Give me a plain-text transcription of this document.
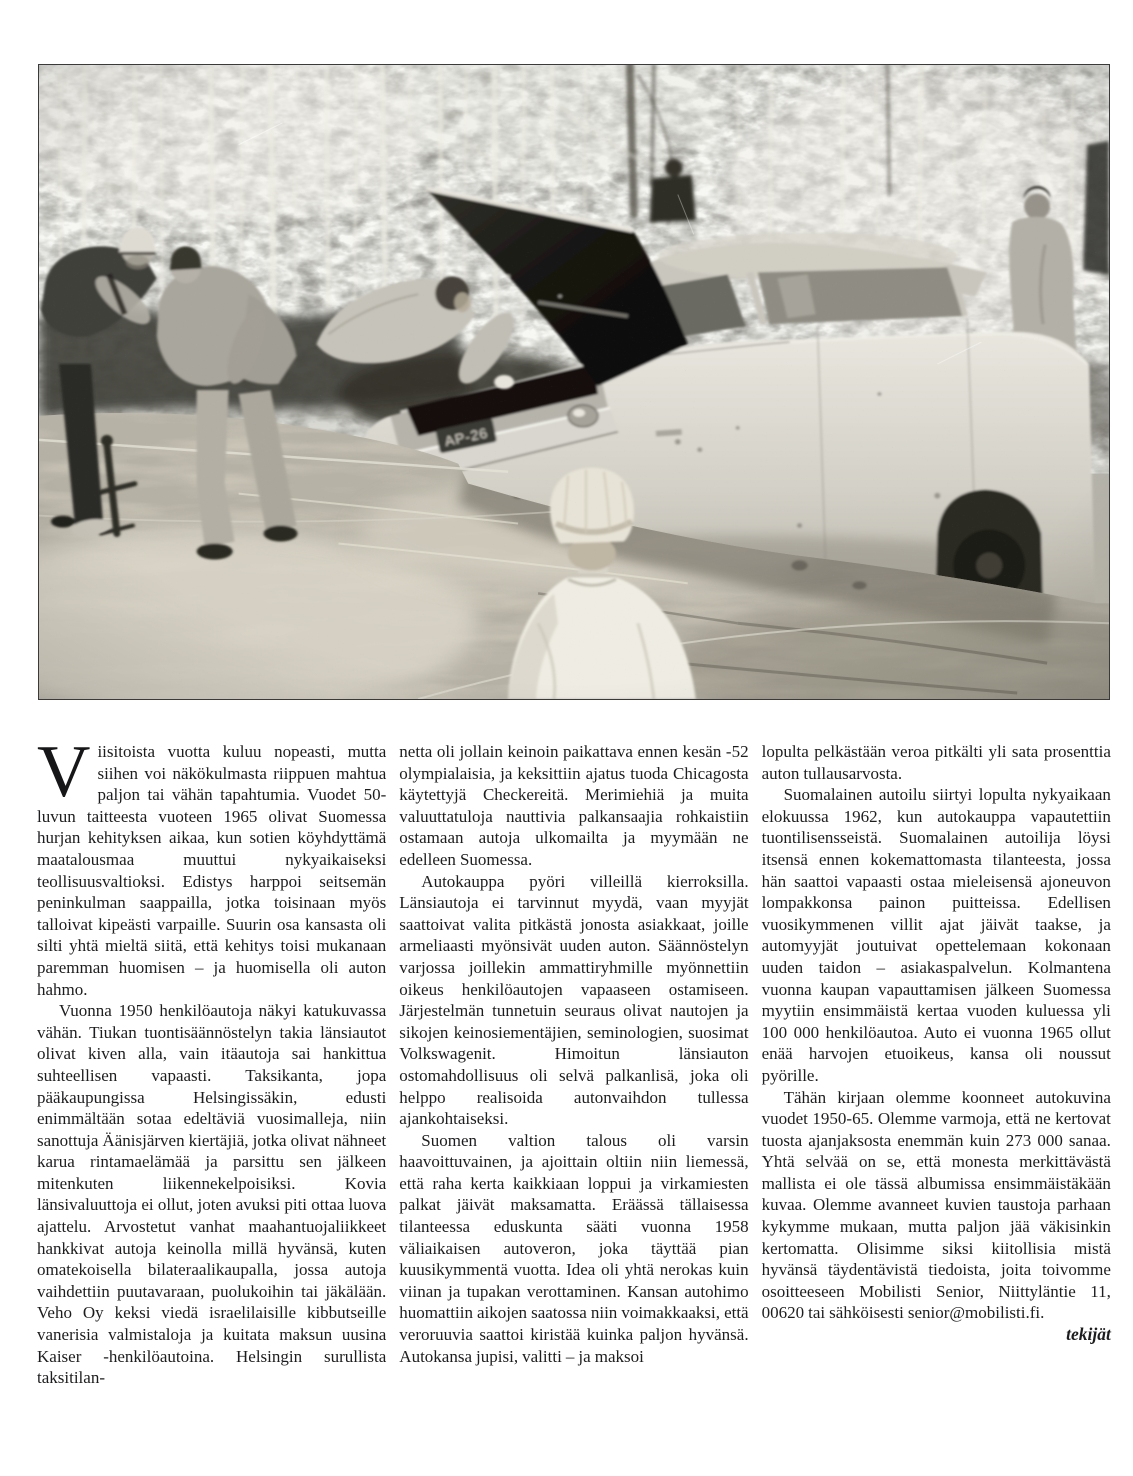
Viisitoista vuotta kuluu nopeasti, mutta siihen voi näkökulmasta riippuen mahtua paljon tai vähän tapahtumia. Vuodet 50-luvun taitteesta vuoteen 1965 olivat Suomessa hurjan kehityksen aikaa, kun sotien köyhdyttämä maatalousmaa muuttui nykyaikaiseksi teollisuusvaltioksi. Edistys harppoi seitsemän peninkulman saappailla, jotka toisinaan myös talloivat kipeästi varpaille. Suurin osa kansasta oli silti yhtä mieltä siitä, että kehitys toisi mukanaan paremman huomisen – ja huomisella oli auton hahmo.

Vuonna 1950 henkilöautoja näkyi katukuvassa vähän. Tiukan tuontisäännöstelyn takia länsiautot olivat kiven alla, vain itäautoja sai hankittua suhteellisen vapaasti. Taksikanta, jopa pääkaupungissa Helsingissäkin, edusti enimmältään sotaa edeltäviä vuosimalleja, niin sanottuja Äänisjärven kiertäjiä, jotka olivat nähneet karua rintamaelämää ja parsittu sen jälkeen mitenkuten liikennekelpoisiksi. Kovia länsivaluuttoja ei ollut, joten avuksi piti ottaa luova ajattelu. Arvostetut vanhat maahantuojaliikkeet hankkivat autoja keinolla millä hyvänsä, kuten omatekoisella bilateraalikaupalla, jossa autoja vaihdettiin puutavaraan, puolukoihin tai jäkälään. Veho Oy keksi viedä israelilaisille kibbutseille vanerisia valmistaloja ja kuitata maksun uusina Kaiser -henkilöautoina. Helsingin surullista taksitilan-

netta oli jollain keinoin paikattava ennen kesän -52 olympialaisia, ja keksittiin ajatus tuoda Chicagosta käytettyjä Checkereitä. Merimiehiä ja muita valuuttatuloja nauttivia palkansaajia rohkaistiin ostamaan autoja ulkomailta ja myymään ne edelleen Suomessa.

Autokauppa pyöri villeillä kierroksilla. Länsiautoja ei tarvinnut myydä, vaan myyjät saattoivat valita pitkästä jonosta asiakkaat, joille armeliaasti myönsivät uuden auton. Säännöstelyn varjossa joillekin ammattiryhmille myönnettiin oikeus henkilöautojen vapaaseen ostamiseen. Järjestelmän tunnetuin seuraus olivat nautojen ja sikojen keinosiementäjien, seminologien, suosimat Volkswagenit. Himoitun länsiauton ostomahdollisuus oli selvä palkanlisä, joka oli helppo realisoida autonvaihdon tullessa ajankohtaiseksi.

Suomen valtion talous oli varsin haavoittuvainen, ja ajoittain oltiin niin liemessä, että raha kerta kaikkiaan loppui ja virkamiesten palkat jäivät maksamatta. Eräässä tällaisessa tilanteessa eduskunta sääti vuonna 1958 väliaikaisen autoveron, joka täyttää pian kuusikymmentä vuotta. Idea oli yhtä nerokas kuin viinan ja tupakan verottaminen. Kansan autohimo huomattiin aikojen saatossa niin voimakkaaksi, että veroruuvia saattoi kiristää kuinka paljon hyvänsä. Autokansa jupisi, valitti – ja maksoi

lopulta pelkästään veroa pitkälti yli sata prosenttia auton tullausarvosta.

Suomalainen autoilu siirtyi lopulta nykyaikaan elokuussa 1962, kun autokauppa vapautettiin tuontilisensseistä. Suomalainen autoilija löysi itsensä ennen kokemattomasta tilanteesta, jossa hän saattoi vapaasti ostaa mieleisensä ajoneuvon lompakkonsa painon puitteissa. Edellisen vuosikymmenen villit ajat jäivät taakse, ja automyyjät joutuivat opettelemaan kokonaan uuden taidon – asiakaspalvelun. Kolmantena vuonna kaupan vapauttamisen jälkeen Suomessa myytiin ensimmäistä kertaa vuoden kuluessa yli 100 000 henkilöautoa. Auto ei vuonna 1965 ollut enää harvojen etuoikeus, kansa oli noussut pyörille.

Tähän kirjaan olemme koonneet autokuvina vuodet 1950-65. Olemme varmoja, että ne kertovat tuosta ajanjaksosta enemmän kuin 273 000 sanaa. Yhtä selvää on se, että monesta merkittävästä mallista ei ole tässä albumissa ensimmäistäkään kuvaa. Olemme avanneet kuvien taustoja parhaan kykymme mukaan, mutta paljon jää väkisinkin kertomatta. Olisimme siksi kiitollisia mistä hyvänsä täydentävistä tiedoista, joita toivomme osoitteeseen Mobilisti Senior, Niittyläntie 11, 00620 tai sähköisesti senior@mobilisti.fi.

tekijät
